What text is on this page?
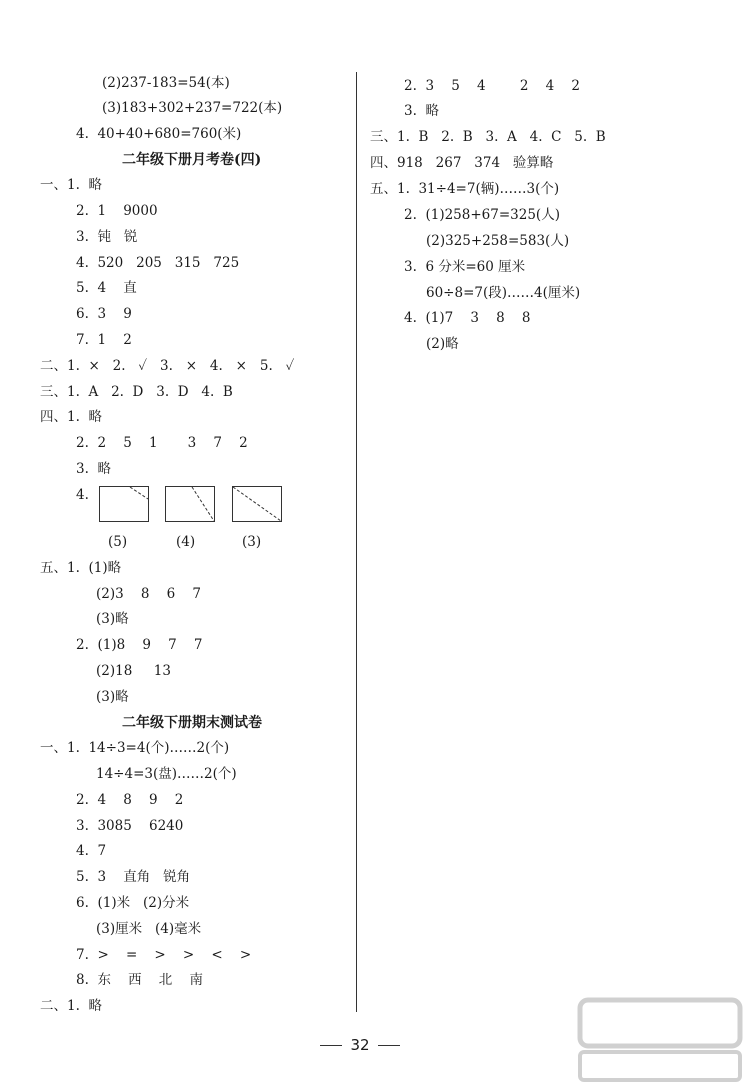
(2)237-183=54(本)
(3)183+302+237=722(本)
4.  40+40+680=760(米)
二年级下册月考卷(四)
一、1.  略
2.  1    9000
3.  钝   锐
4.  520   205   315   725
5.  4    直
6.  3    9
7.  1    2
二、1.  ×   2.   ✓   3.   ×   4.   ×   5.   ✓
三、1.  A   2.  D   3.  D   4.  B
四、1.  略
2.  2    5    1       3    7    2
3.  略
4.
(5)	(4)	(3)
五、1.  (1)略
(2)3    8    6    7
(3)略
2.  (1)8    9    7    7
(2)18     13
(3)略
二年级下册期末测试卷
一、1.  14÷3=4(个)……2(个)
14÷4=3(盘)……2(个)
2.  4    8    9    2
3.  3085    6240
4.  7
5.  3    直角   锐角
6.  (1)米   (2)分米
(3)厘米   (4)毫米
7.  >    =    >    >    <    >
8.  东    西    北    南
二、1.  略
2.  3    5    4        2    4    2
3.  略
三、1.  B   2.  B   3.  A   4.  C   5.  B
四、918   267   374   验算略
五、1.  31÷4=7(辆)……3(个)
2.  (1)258+67=325(人)
(2)325+258=583(人)
3.  6 分米=60 厘米
60÷8=7(段)……4(厘米)
4.  (1)7    3    8    8
(2)略
32
